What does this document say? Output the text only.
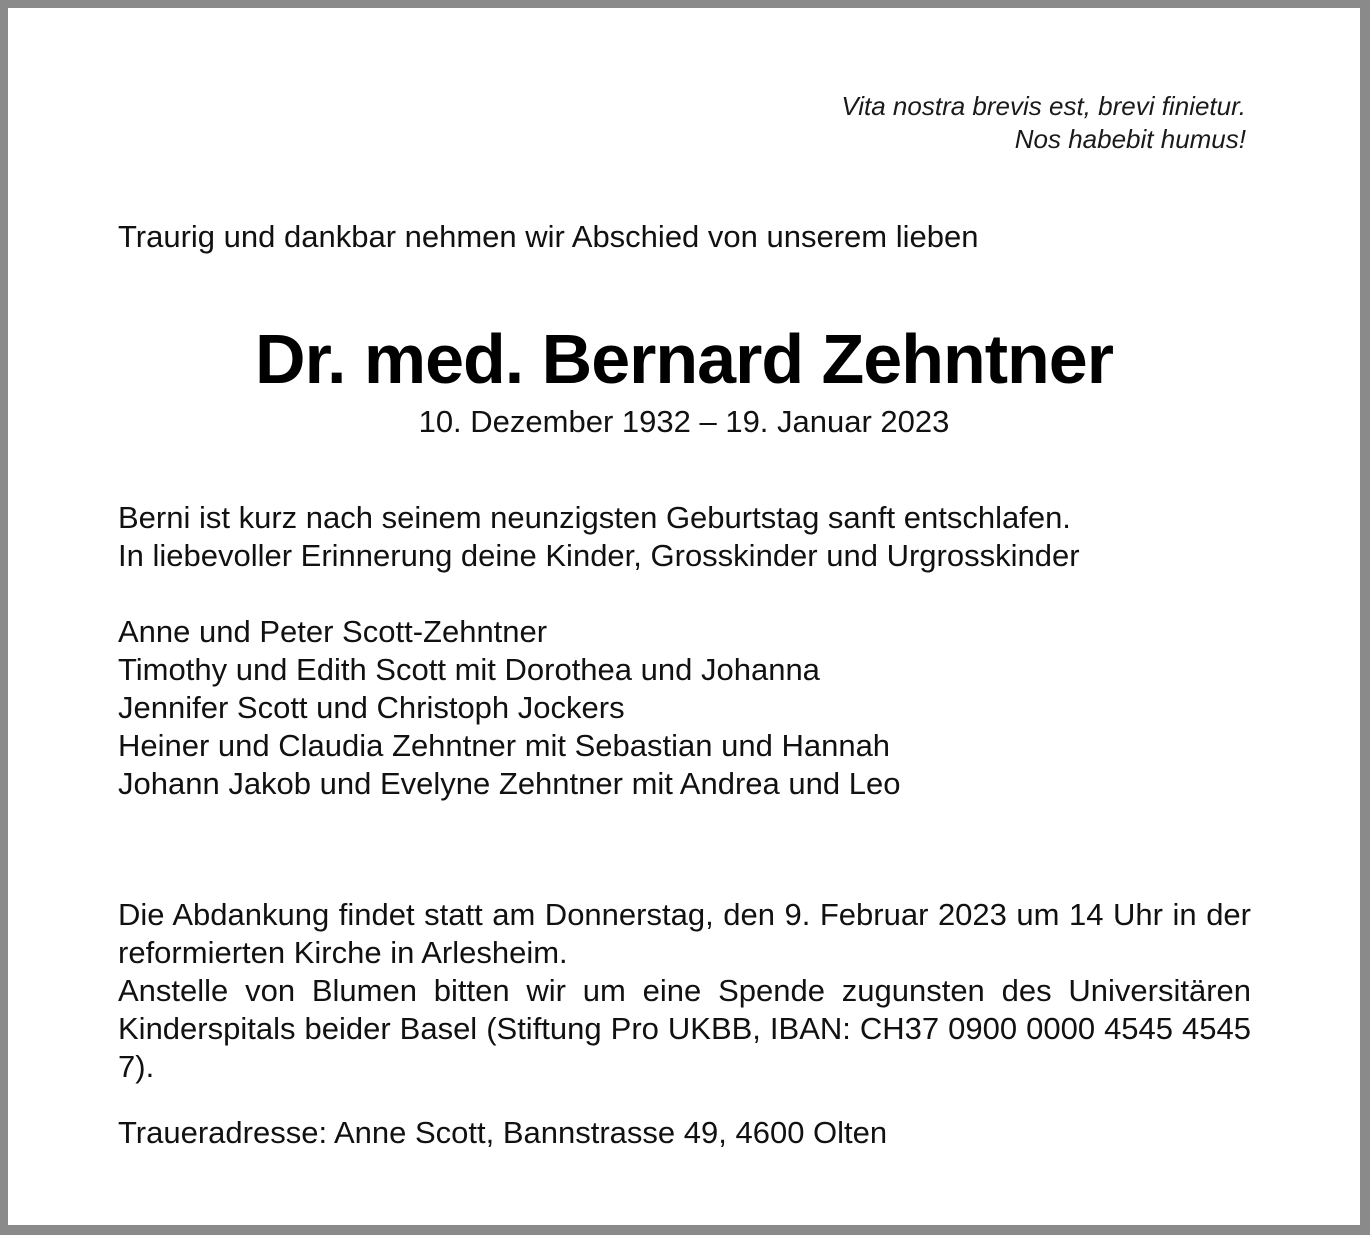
Vita nostra brevis est, brevi finietur.
Nos habebit humus!
Traurig und dankbar nehmen wir Abschied von unserem lieben
Dr. med. Bernard Zehntner
10. Dezember 1932 – 19. Januar 2023
Berni ist kurz nach seinem neunzigsten Geburtstag sanft entschlafen.
In liebevoller Erinnerung deine Kinder, Grosskinder und Urgrosskinder
Anne und Peter Scott-Zehntner
Timothy und Edith Scott mit Dorothea und Johanna
Jennifer Scott und Christoph Jockers
Heiner und Claudia Zehntner mit Sebastian und Hannah
Johann Jakob und Evelyne Zehntner mit Andrea und Leo

Die Abdankung findet statt am Donnerstag, den 9. Februar 2023 um 14 Uhr in der reformierten Kirche in Arlesheim.

Anstelle von Blumen bitten wir um eine Spende zugunsten des Universitären Kinderspitals beider Basel (Stiftung Pro UKBB, IBAN: CH37 0900 0000 4545 4545 7).

Traueradresse: Anne Scott, Bannstrasse 49, 4600 Olten
